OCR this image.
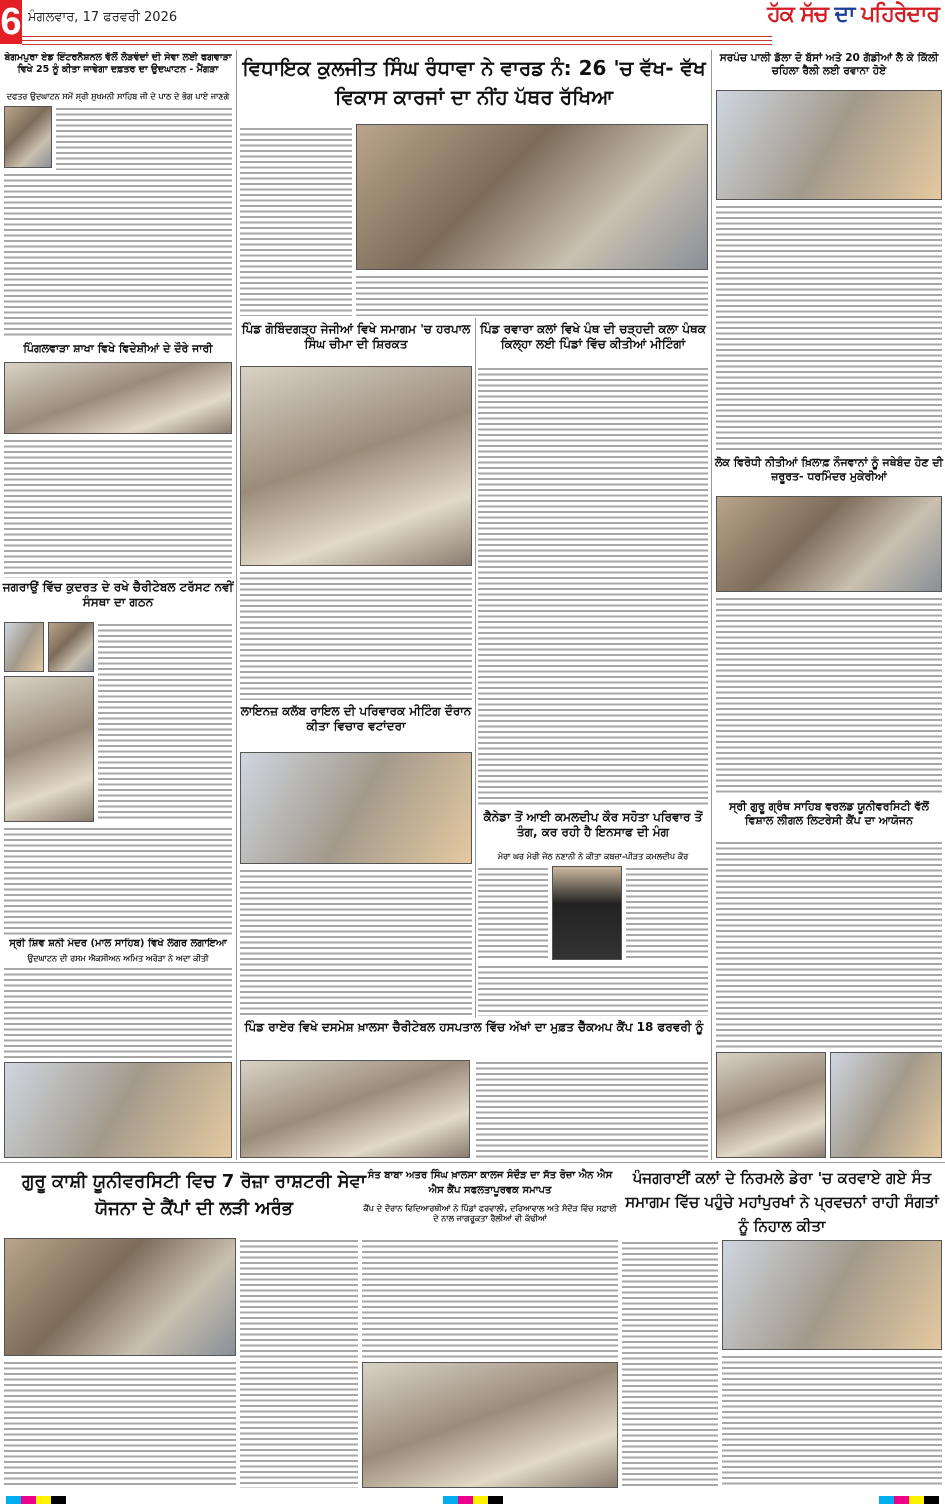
6 ਮੰਗਲਵਾਰ, 17 ਫਰਵਰੀ 2026	ਹੱਕ ਸੱਚ ਦਾ ਪਹਿਰੇਦਾਰ
ਬੇਗਮਪੁਰਾ ਏਡ ਇੰਟਰਨੈਸ਼ਨਲ ਵੱਲੋਂ ਲੋੜਵੰਦਾਂ ਦੀ ਸੇਵਾ ਲਈ ਫਗਵਾੜਾ ਵਿਖੇ 25 ਨੂੰ ਕੀਤਾ ਜਾਵੇਗਾ ਦਫ਼ਤਰ ਦਾ ਉਦਘਾਟਨ - ਮੈਂਗੜਾ
ਦਫਤਰ ਉਦਘਾਟਨ ਸਮੇਂ ਸ੍ਰੀ ਸੁਖਮਨੀ ਸਾਹਿਬ ਜੀ ਦੇ ਪਾਠ ਦੇ ਭੋਗ ਪਾਏ ਜਾਣਗੇ
ਪਿੰਗਲਵਾੜਾ ਸ਼ਾਖਾ ਵਿਖੇ ਵਿਦੇਸ਼ੀਆਂ ਦੇ ਦੌਰੇ ਜਾਰੀ
ਜਗਰਾਉਂ ਵਿੱਚ ਕੁਦਰਤ ਦੇ ਰਖੇ ਚੈਰੀਟੇਬਲ ਟਰੱਸਟ ਨਵੀਂ ਸੰਸਥਾ ਦਾ ਗਠਨ
ਸ੍ਰੀ ਸ਼ਿਵ ਸ਼ਨੀ ਮੰਦਰ (ਮਾਲ ਸਾਹਿਬ) ਵਿਖੇ ਲੰਗਰ ਲਗਾਇਆ
ਉਦਘਾਟਨ ਦੀ ਰਸਮ ਐਕਸੀਅਨ ਅਮਿਤ ਅਰੋੜਾ ਨੇ ਅਦਾ ਕੀਤੀ
ਵਿਧਾਇਕ ਕੁਲਜੀਤ ਸਿੰਘ ਰੰਧਾਵਾ ਨੇ ਵਾਰਡ ਨੰ: 26 'ਚ ਵੱਖ- ਵੱਖ ਵਿਕਾਸ ਕਾਰਜਾਂ ਦਾ ਨੀਂਹ ਪੱਥਰ ਰੱਖਿਆ
ਪਿੰਡ ਗੋਬਿੰਦਗੜ੍ਹ ਜੇਜੀਆਂ ਵਿਖੇ ਸਮਾਗਮ 'ਚ ਹਰਪਾਲ ਸਿੰਘ ਚੀਮਾ ਦੀ ਸ਼ਿਰਕਤ
ਲਾਇਨਜ਼ ਕਲੱਬ ਰਾਇਲ ਦੀ ਪਰਿਵਾਰਕ ਮੀਟਿੰਗ ਦੌਰਾਨ ਕੀਤਾ ਵਿਚਾਰ ਵਟਾਂਦਰਾ
ਪਿੰਡ ਰਵਾਰਾ ਕਲਾਂ ਵਿਖੇ ਪੰਥ ਦੀ ਚੜ੍ਹਦੀ ਕਲਾ ਪੰਥਕ ਕਿਲ੍ਹਾ ਲਈ ਪਿੰਡਾਂ ਵਿੱਚ ਕੀਤੀਆਂ ਮੀਟਿੰਗਾਂ
ਕੈਨੇਡਾ ਤੋਂ ਆਈ ਕਮਲਦੀਪ ਕੌਰ ਸਹੋਤਾ ਪਰਿਵਾਰ ਤੋਂ ਤੰਗ, ਕਰ ਰਹੀ ਹੈ ਇਨਸਾਫ ਦੀ ਮੰਗ
ਮੇਰਾ ਘਰ ਮੇਰੀ ਜੇਠ ਨਣਾਨੀ ਨੇ ਕੀਤਾ ਕਬਜ਼ਾ-ਪੀੜਤ ਕਮਲਦੀਪ ਕੌਰ
ਪਿੰਡ ਰਾਏਰ ਵਿਖੇ ਦਸਮੇਸ਼ ਖ਼ਾਲਸਾ ਚੈਰੀਟੇਬਲ ਹਸਪਤਾਲ ਵਿੱਚ ਅੱਖਾਂ ਦਾ ਮੁਫ਼ਤ ਚੈੱਕਅਪ ਕੈਂਪ 18 ਫਰਵਰੀ ਨੂੰ
ਸਰਪੰਚ ਪਾਲੀ ਡੱਲਾ ਦੋ ਬੱਸਾਂ ਅਤੇ 20 ਗੱਡੀਆਂ ਲੈ ਕੇ ਕਿੱਲੀ ਚਹਿਲਾ ਰੈਲੀ ਲਈ ਰਵਾਨਾ ਹੋਏ
ਲੋਕ ਵਿਰੋਧੀ ਨੀਤੀਆਂ ਖ਼ਿਲਾਫ਼ ਨੌਜਵਾਨਾਂ ਨੂੰ ਜਥੇਬੰਦ ਹੋਣ ਦੀ ਜ਼ਰੂਰਤ- ਧਰਮਿੰਦਰ ਮੁਕੇਰੀਆਂ
ਸ੍ਰੀ ਗੁਰੂ ਗ੍ਰੰਥ ਸਾਹਿਬ ਵਰਲਡ ਯੂਨੀਵਰਸਿਟੀ ਵੱਲੋਂ ਵਿਸ਼ਾਲ ਲੀਗਲ ਲਿਟਰੇਸੀ ਕੈਂਪ ਦਾ ਆਯੋਜਨ
ਗੁਰੂ ਕਾਸ਼ੀ ਯੂਨੀਵਰਸਿਟੀ ਵਿਚ 7 ਰੋਜ਼ਾ ਰਾਸ਼ਟਰੀ ਸੇਵਾ ਯੋਜਨਾ ਦੇ ਕੈਂਪਾਂ ਦੀ ਲੜੀ ਅਰੰਭ
ਸੰਤ ਬਾਬਾ ਅਤਰ ਸਿੰਘ ਖ਼ਾਲਸਾ ਕਾਲਜ ਸੰਦੌੜ ਦਾ ਸੱਤ ਰੋਜ਼ਾ ਐਨ ਐਸ ਐਸ ਕੈਂਪ ਸਫਲਤਾਪੂਰਵਕ ਸਮਾਪਤ
ਕੈਂਪ ਦੇ ਦੌਰਾਨ ਵਿਦਿਆਰਥੀਆਂ ਨੇ ਪਿੰਡਾਂ ਫਰਵਾਲੀ, ਦਰਿਆਵਾਲ ਅਤੇ ਸੰਦੌੜ ਵਿੱਚ ਸਫ਼ਾਈ ਦੇ ਨਾਲ ਜਾਗਰੂਕਤਾ ਰੈਲੀਆਂ ਵੀ ਕੱਢੀਆਂ
ਪੰਜਗਰਾਈਂ ਕਲਾਂ ਦੇ ਨਿਰਮਲੇ ਡੇਰਾ 'ਚ ਕਰਵਾਏ ਗਏ ਸੰਤ ਸਮਾਗਮ ਵਿੱਚ ਪਹੁੰਚੇ ਮਹਾਂਪੁਰਖਾਂ ਨੇ ਪ੍ਰਵਚਨਾਂ ਰਾਹੀ ਸੰਗਤਾਂ ਨੂੰ ਨਿਹਾਲ ਕੀਤਾ
